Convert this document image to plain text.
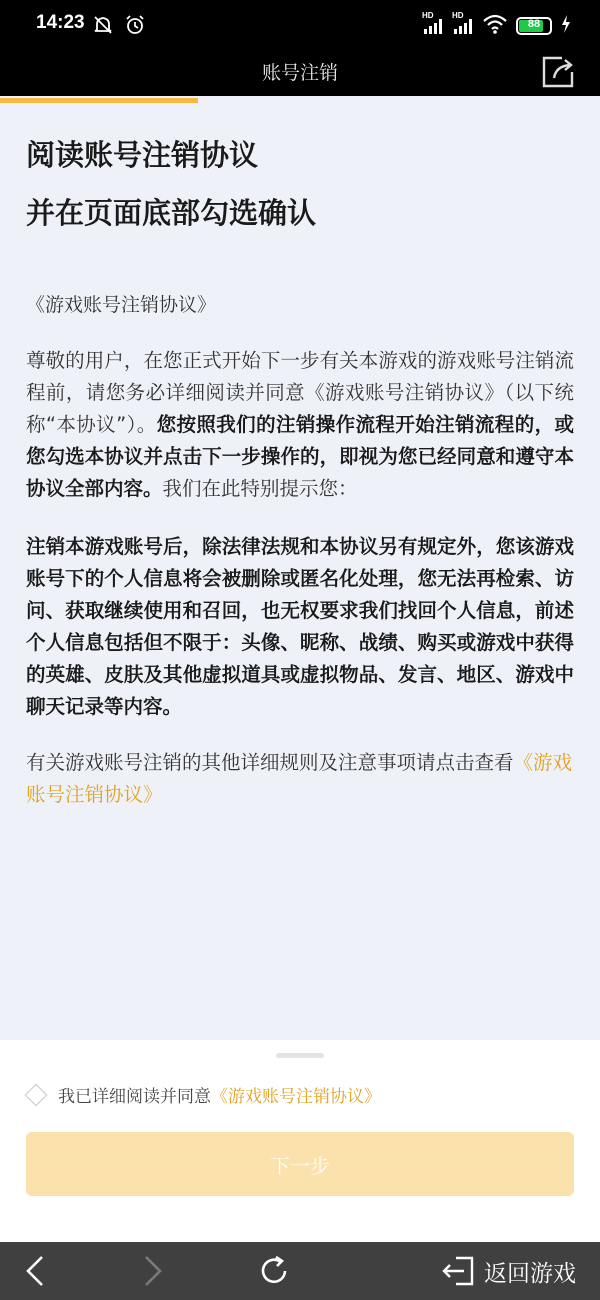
14:23	HD HD
88
账号注销
阅读账号注销协议
并在页面底部勾选确认
《游戏账号注销协议》
尊敬的用户，在您正式开始下一步有关本游戏的游戏账号注销流程前，请您务必详细阅读并同意《游戏账号注销协议》（以下统称“本协议”）。您按照我们的注销操作流程开始注销流程的，或您勾选本协议并点击下一步操作的，即视为您已经同意和遵守本协议全部内容。我们在此特别提示您：
注销本游戏账号后，除法律法规和本协议另有规定外，您该游戏账号下的个人信息将会被删除或匿名化处理，您无法再检索、访问、获取继续使用和召回，也无权要求我们找回个人信息，前述个人信息包括但不限于：头像、昵称、战绩、购买或游戏中获得的英雄、皮肤及其他虚拟道具或虚拟物品、发言、地区、游戏中聊天记录等内容。
有关游戏账号注销的其他详细规则及注意事项请点击查看《游戏账号注销协议》
我已详细阅读并同意《游戏账号注销协议》
下一步
返回游戏
